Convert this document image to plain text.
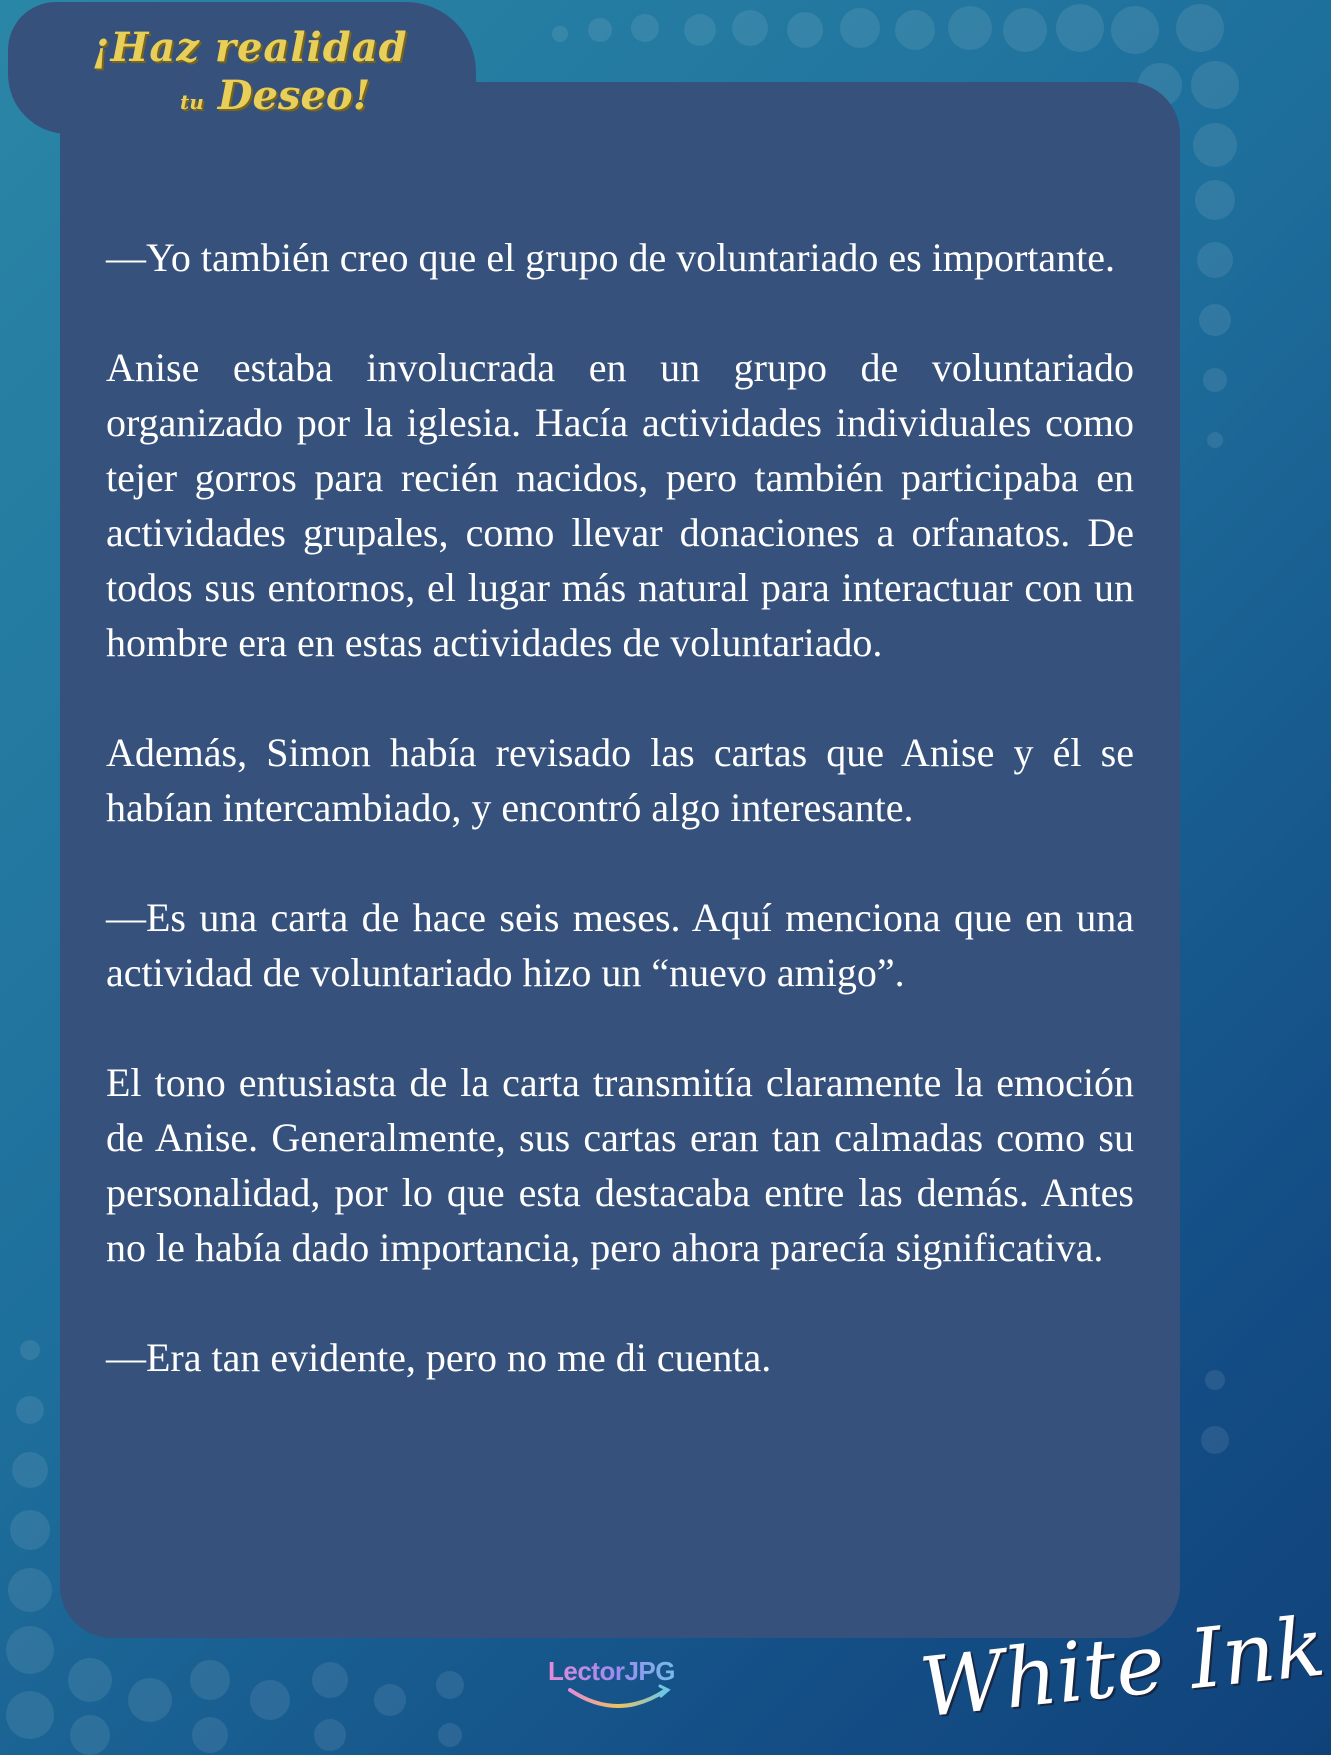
¡Haz realidad
tu Deseo!

—Yo también creo que el grupo de voluntariado es importante.

Anise estaba involucrada en un grupo de voluntariado organizado por la iglesia. Hacía actividades individuales como tejer gorros para recién nacidos, pero también participaba en actividades grupales, como llevar donaciones a orfanatos. De todos sus entornos, el lugar más natural para interactuar con un hombre era en estas actividades de voluntariado.

Además, Simon había revisado las cartas que Anise y él se habían intercambiado, y encontró algo interesante.

—Es una carta de hace seis meses. Aquí menciona que en una actividad de voluntariado hizo un “nuevo amigo”.

El tono entusiasta de la carta transmitía claramente la emoción de Anise. Generalmente, sus cartas eran tan calmadas como su personalidad, por lo que esta destacaba entre las demás. Antes no le había dado importancia, pero ahora parecía significativa.

—Era tan evidente, pero no me di cuenta.

LectorJPG	White Ink
